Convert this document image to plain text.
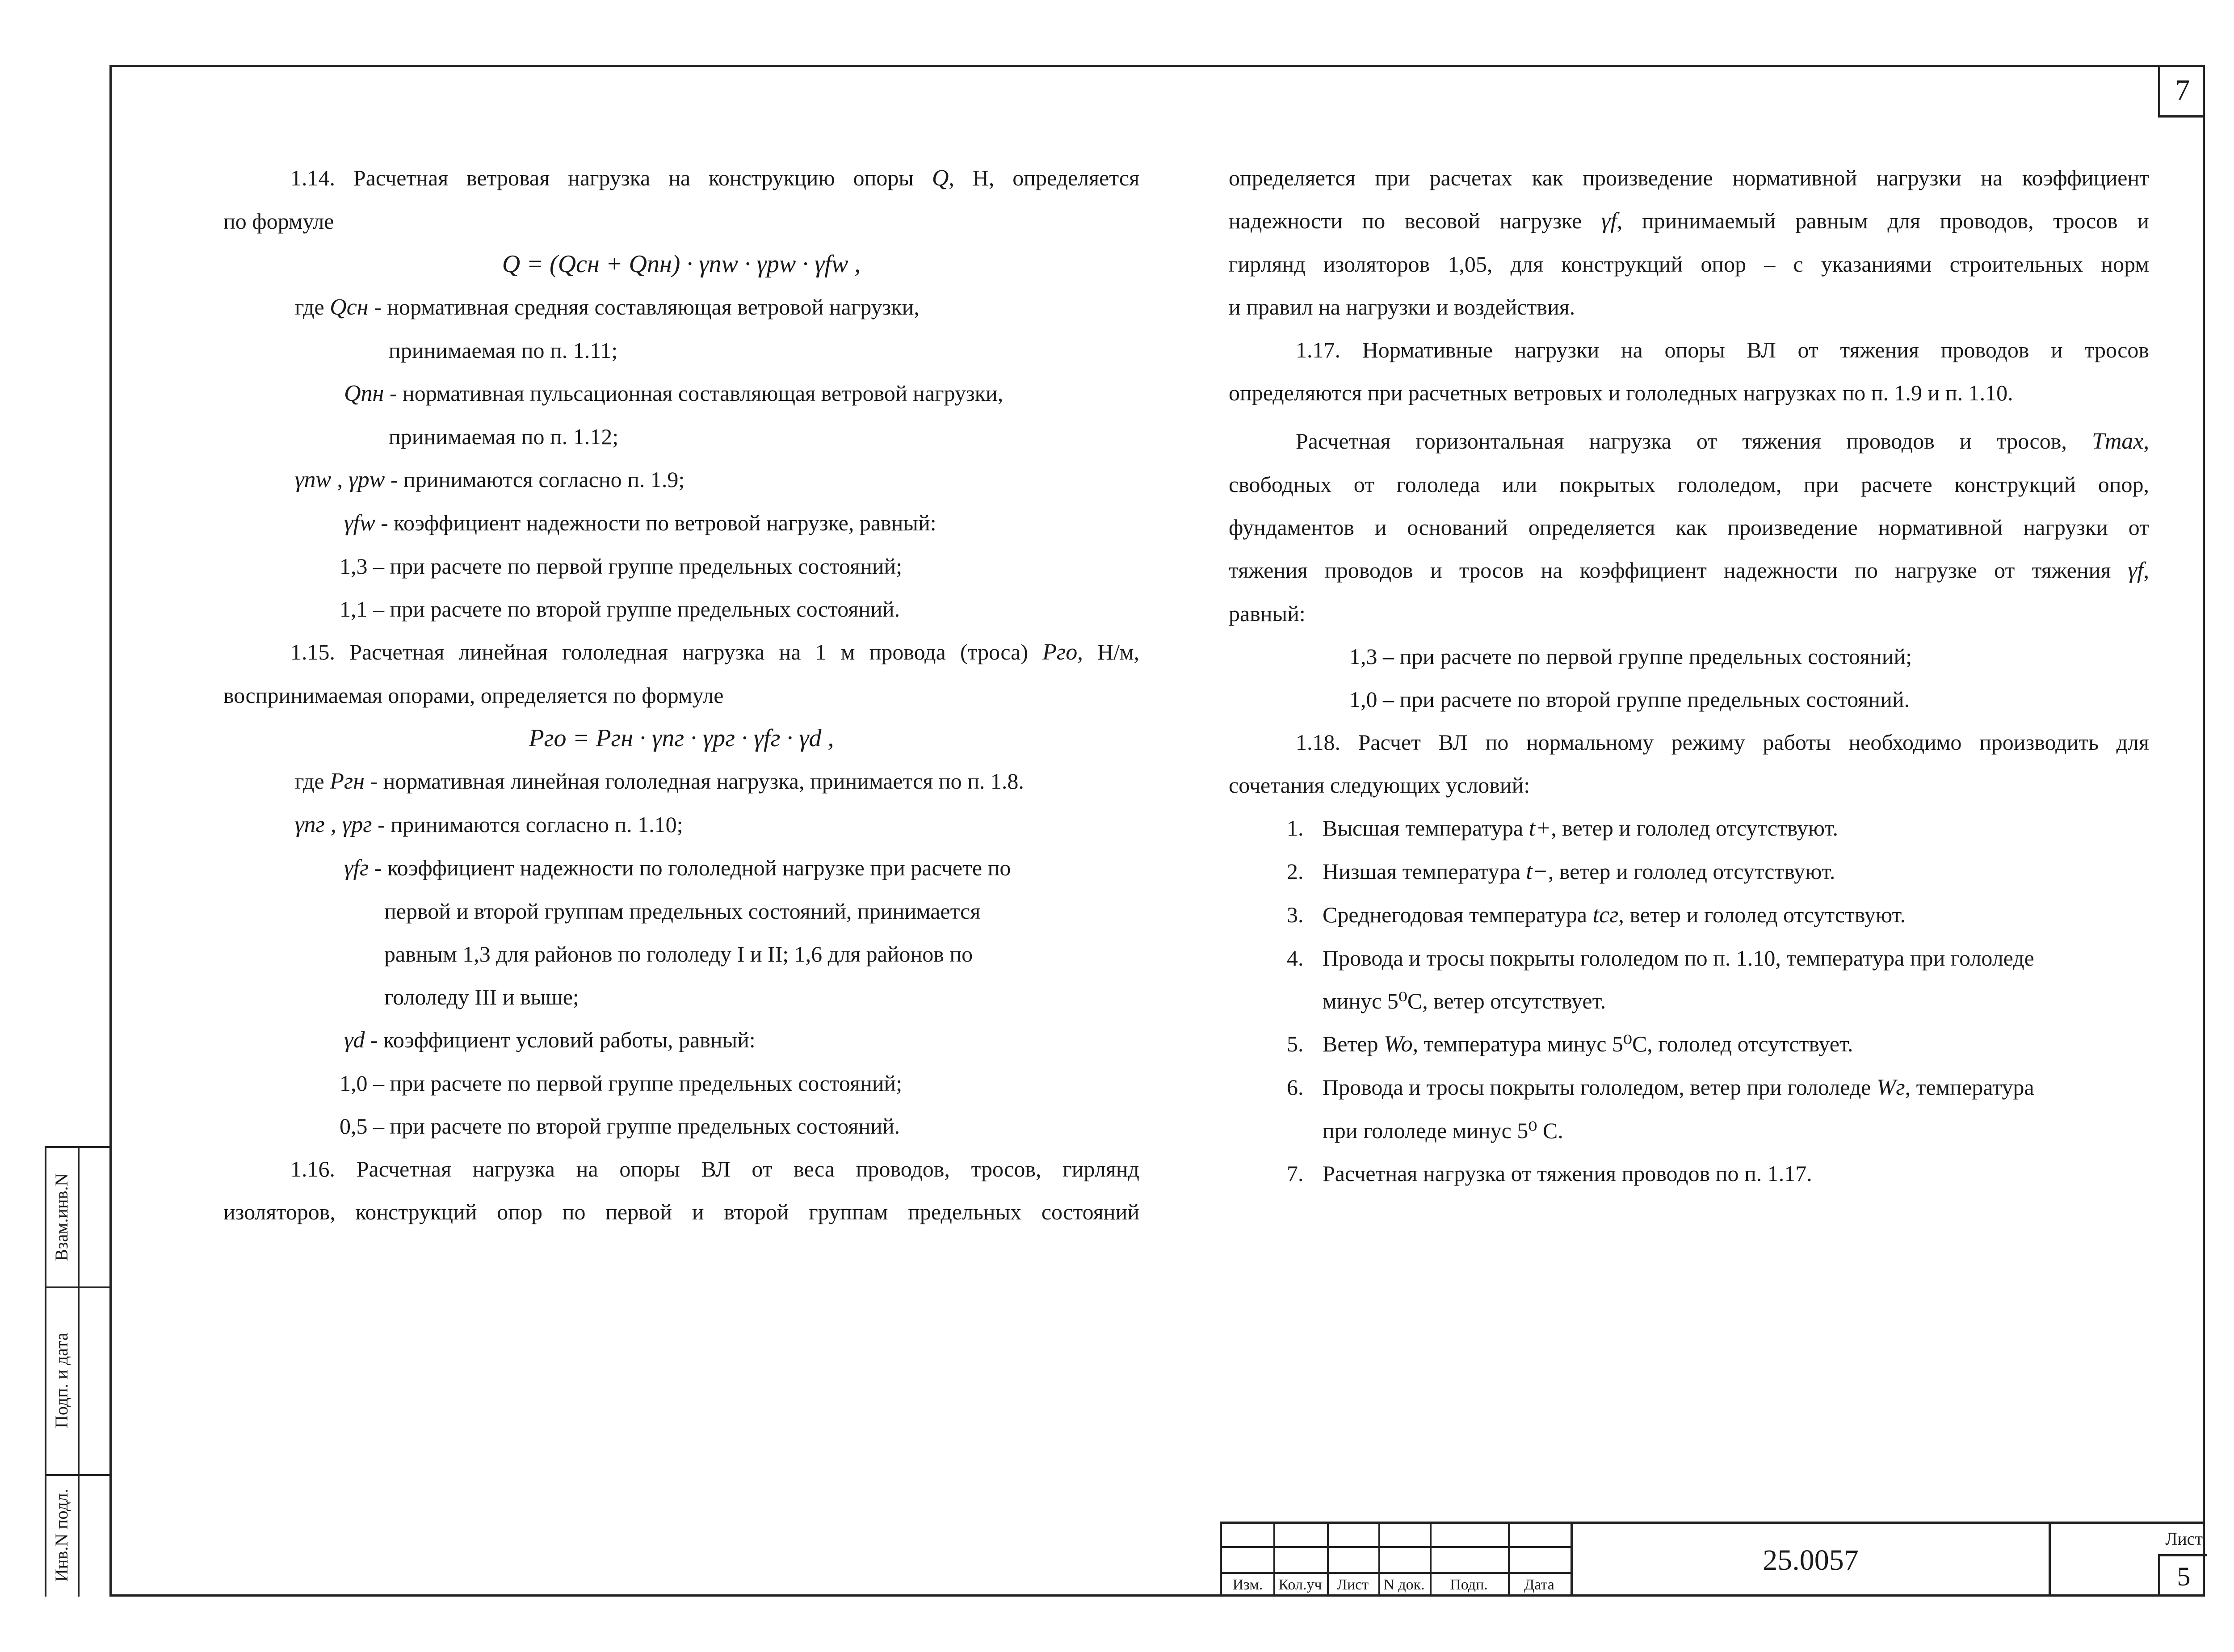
7

1.14. Расчетная ветровая нагрузка на конструкцию опоры Q, Н, определяется

по формуле

Q = (Qсн + Qпн) · γnw · γpw · γfw ,

где Qсн - нормативная средняя составляющая ветровой нагрузки,

принимаемая по п. 1.11;

Qпн - нормативная пульсационная составляющая ветровой нагрузки,

принимаемая по п. 1.12;

γnw , γpw - принимаются согласно п. 1.9;

γfw - коэффициент надежности по ветровой нагрузке, равный:

1,3 – при расчете по первой группе предельных состояний;

1,1 – при расчете по второй группе предельных состояний.

1.15. Расчетная линейная гололедная нагрузка на 1 м провода (троса) Pго, Н/м,

воспринимаемая опорами, определяется по формуле

Pго = Pгн · γnг · γpг · γfг · γd ,

где Pгн - нормативная линейная гололедная нагрузка, принимается по п. 1.8.

γnг , γpг - принимаются согласно п. 1.10;

γfг - коэффициент надежности по гололедной нагрузке при расчете по

первой и второй группам предельных состояний, принимается

равным 1,3 для районов по гололеду I и II; 1,6 для районов по

гололеду III и выше;

γd - коэффициент условий работы, равный:

1,0 – при расчете по первой группе предельных состояний;

0,5 – при расчете по второй группе предельных состояний.

1.16. Расчетная нагрузка на опоры ВЛ от веса проводов, тросов, гирлянд

изоляторов, конструкций опор по первой и второй группам предельных состояний

определяется при расчетах как произведение нормативной нагрузки на коэффициент

надежности по весовой нагрузке γf, принимаемый равным для проводов, тросов и

гирлянд изоляторов 1,05, для конструкций опор – с указаниями строительных норм

и правил на нагрузки и воздействия.

1.17. Нормативные нагрузки на опоры ВЛ от тяжения проводов и тросов

определяются при расчетных ветровых и гололедных нагрузках по п. 1.9 и п. 1.10.

Расчетная горизонтальная нагрузка от тяжения проводов и тросов, Tmax,

свободных от гололеда или покрытых гололедом, при расчете конструкций опор,

фундаментов и оснований определяется как произведение нормативной нагрузки от

тяжения проводов и тросов на коэффициент надежности по нагрузке от тяжения γf,

равный:

1,3 – при расчете по первой группе предельных состояний;

1,0 – при расчете по второй группе предельных состояний.

1.18. Расчет ВЛ по нормальному режиму работы необходимо производить для

сочетания следующих условий:

1. Высшая температура t+, ветер и гололед отсутствуют.
2. Низшая температура t−, ветер и гололед отсутствуют.
3. Среднегодовая температура tсг, ветер и гололед отсутствуют.
4. Провода и тросы покрыты гололедом по п. 1.10, температура при гололеде
минус 5⁰С, ветер отсутствует.
5. Ветер Wo, температура минус 5⁰С, гололед отсутствует.
6. Провода и тросы покрыты гололедом, ветер при гололеде Wг, температура
при гололеде минус 5⁰ С.
7. Расчетная нагрузка от тяжения проводов по п. 1.17.
Изм.	Кол.уч Лист N док.	Подп.	Дата
25.0057
Лист
5
Взам.инв.N
Подп. и дата
Инв.N подл.
